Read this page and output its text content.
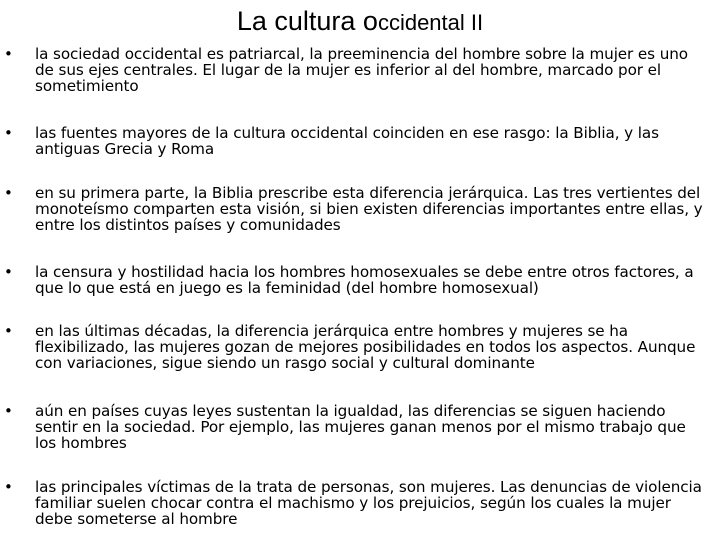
La cultura occidental II
• la sociedad occidental es patriarcal, la preeminencia del hombre sobre la mujer es uno de sus ejes centrales. El lugar de la mujer es inferior al del hombre, marcado por el sometimiento
• las fuentes mayores de la cultura occidental coinciden en ese rasgo: la Biblia, y las antiguas Grecia y Roma
• en su primera parte, la Biblia prescribe esta diferencia jerárquica. Las tres vertientes del monoteísmo comparten esta visión, si bien existen diferencias importantes entre ellas, y entre los distintos países y comunidades
• la censura y hostilidad hacia los hombres homosexuales se debe entre otros factores, a que lo que está en juego es la feminidad (del hombre homosexual)
• en las últimas décadas, la diferencia jerárquica entre hombres y mujeres se ha flexibilizado, las mujeres gozan de mejores posibilidades en todos los aspectos. Aunque con variaciones, sigue siendo un rasgo social y cultural dominante
• aún en países cuyas leyes sustentan la igualdad, las diferencias se siguen haciendo sentir en la sociedad. Por ejemplo, las mujeres ganan menos por el mismo trabajo que los hombres
• las principales víctimas de la trata de personas, son mujeres. Las denuncias de violencia familiar suelen chocar contra el machismo y los prejuicios, según los cuales la mujer debe someterse al hombre
